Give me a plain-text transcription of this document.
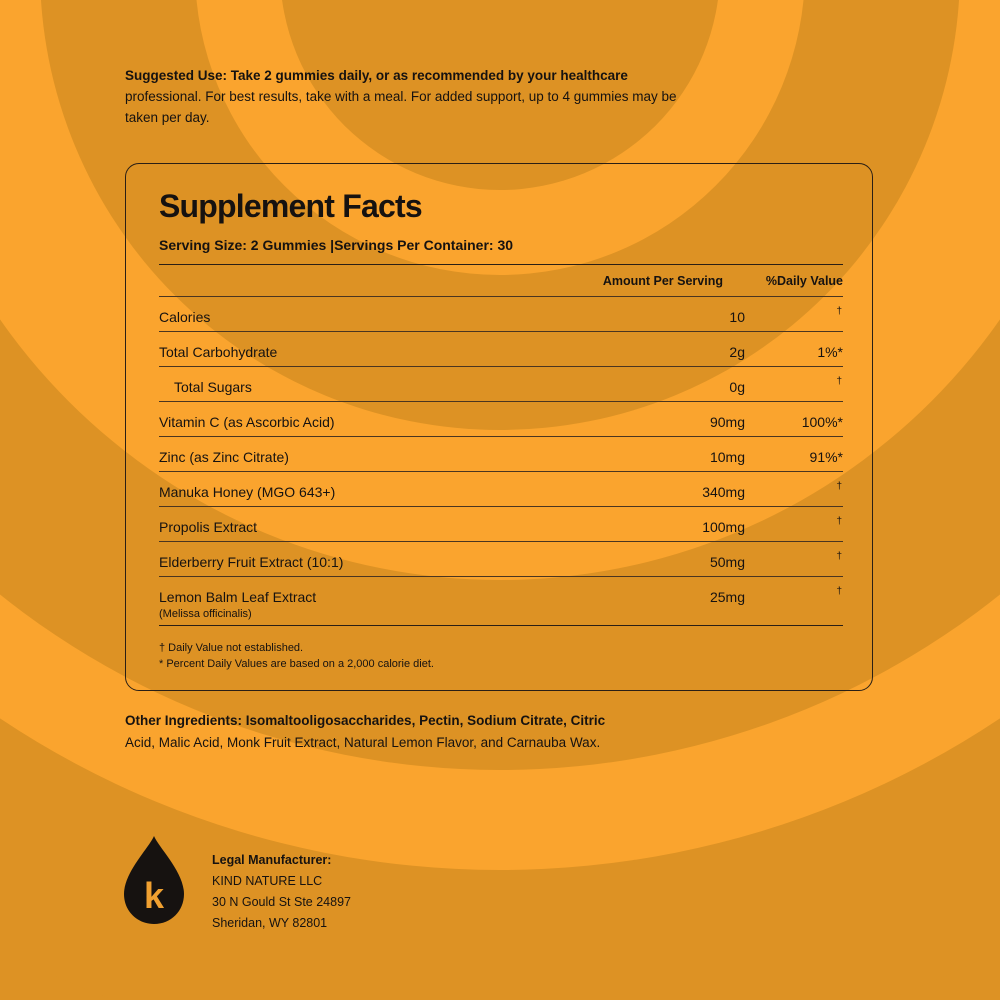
Suggested Use: Take 2 gummies daily, or as recommended by your healthcare
professional. For best results, take with a meal. For added support, up to 4 gummies may be taken per day.
Supplement Facts
Serving Size: 2 Gummies |Servings Per Container: 30
Amount Per Serving	%Daily Value
Calories	10	†
Total Carbohydrate	2g	1%*
Total Sugars	0g	†
Vitamin C (as Ascorbic Acid)	90mg	100%*
Zinc (as Zinc Citrate)	10mg	91%*
Manuka Honey (MGO 643+)	340mg	†
Propolis Extract	100mg	†
Elderberry Fruit Extract (10:1)	50mg	†
Lemon Balm Leaf Extract
(Melissa officinalis)
25mg	†
† Daily Value not established.
* Percent Daily Values are based on a 2,000 calorie diet.
Other Ingredients: Isomaltooligosaccharides, Pectin, Sodium Citrate, Citric
Acid, Malic Acid, Monk Fruit Extract, Natural Lemon Flavor, and Carnauba Wax.
k
Legal Manufacturer:
KIND NATURE LLC
30 N Gould St Ste 24897
Sheridan, WY 82801
